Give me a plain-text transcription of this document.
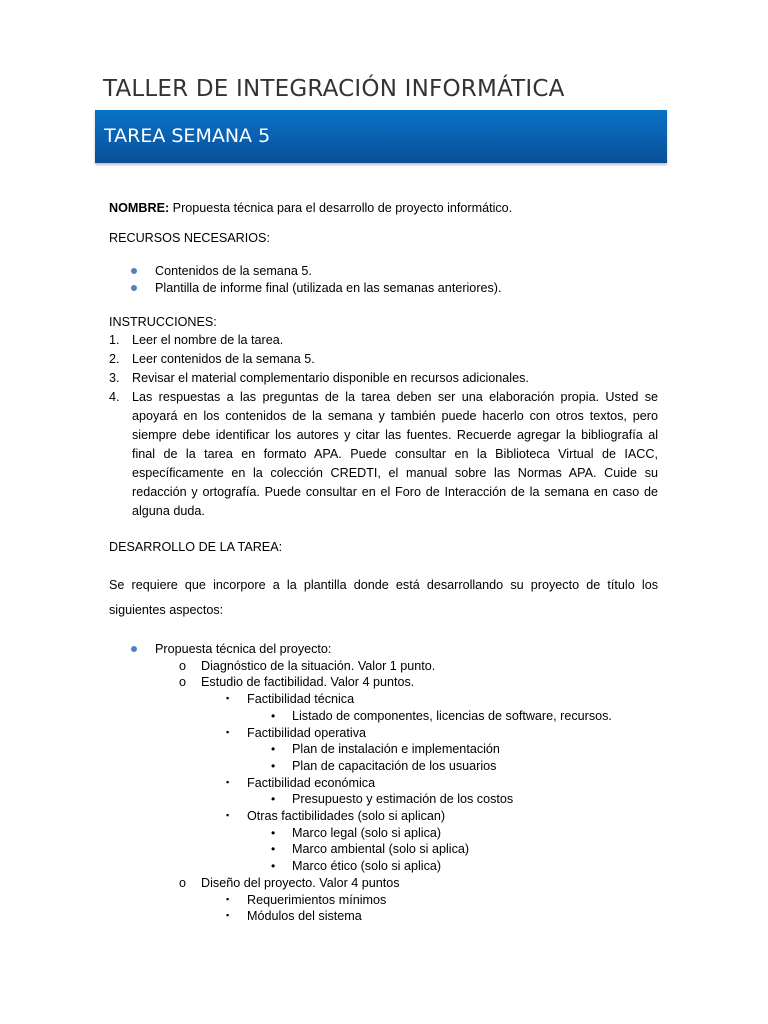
TALLER DE INTEGRACIÓN INFORMÁTICA
TAREA SEMANA 5

NOMBRE: Propuesta técnica para el desarrollo de proyecto informático.

RECURSOS NECESARIOS:

Contenidos de la semana 5.
Plantilla de informe final (utilizada en las semanas anteriores).

INSTRUCCIONES:

1. Leer el nombre de la tarea.
2. Leer contenidos de la semana 5.
3. Revisar el material complementario disponible en recursos adicionales.
4. Las respuestas a las preguntas de la tarea deben ser una elaboración propia. Usted se apoyará en los contenidos de la semana y también puede hacerlo con otros textos, pero siempre debe identificar los autores y citar las fuentes. Recuerde agregar la bibliografía al final de la tarea en formato APA. Puede consultar en la Biblioteca Virtual de IACC, específicamente en la colección CREDTI, el manual sobre las Normas APA. Cuide su redacción y ortografía. Puede consultar en el Foro de Interacción de la semana en caso de alguna duda.

DESARROLLO DE LA TAREA:

Se requiere que incorpore a la plantilla donde está desarrollando su proyecto de título los siguientes aspectos:

Propuesta técnica del proyecto:
o Diagnóstico de la situación. Valor 1 punto.
o Estudio de factibilidad. Valor 4 puntos.
▪ Factibilidad técnica
• Listado de componentes, licencias de software, recursos.
▪ Factibilidad operativa
• Plan de instalación e implementación
• Plan de capacitación de los usuarios
▪ Factibilidad económica
• Presupuesto y estimación de los costos
▪ Otras factibilidades (solo si aplican)
• Marco legal (solo si aplica)
• Marco ambiental (solo si aplica)
• Marco ético (solo si aplica)
o Diseño del proyecto. Valor 4 puntos
▪ Requerimientos mínimos
▪ Módulos del sistema
